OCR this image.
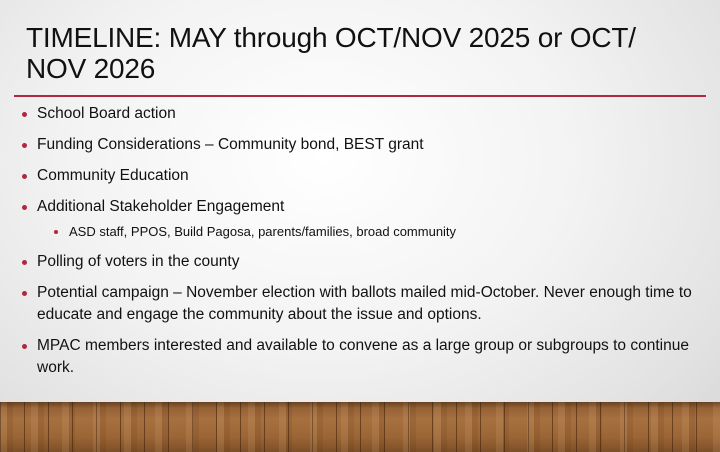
TIMELINE: MAY through OCT/NOV 2025 or OCT/ NOV 2026
School Board action
Funding Considerations – Community bond, BEST grant
Community Education
Additional Stakeholder Engagement
ASD staff, PPOS, Build Pagosa, parents/families, broad community
Polling of voters in the county
Potential campaign – November election with ballots mailed mid-October. Never enough time to educate and engage the community about the issue and options.
MPAC members interested and available to convene as a large group or subgroups to continue work.
